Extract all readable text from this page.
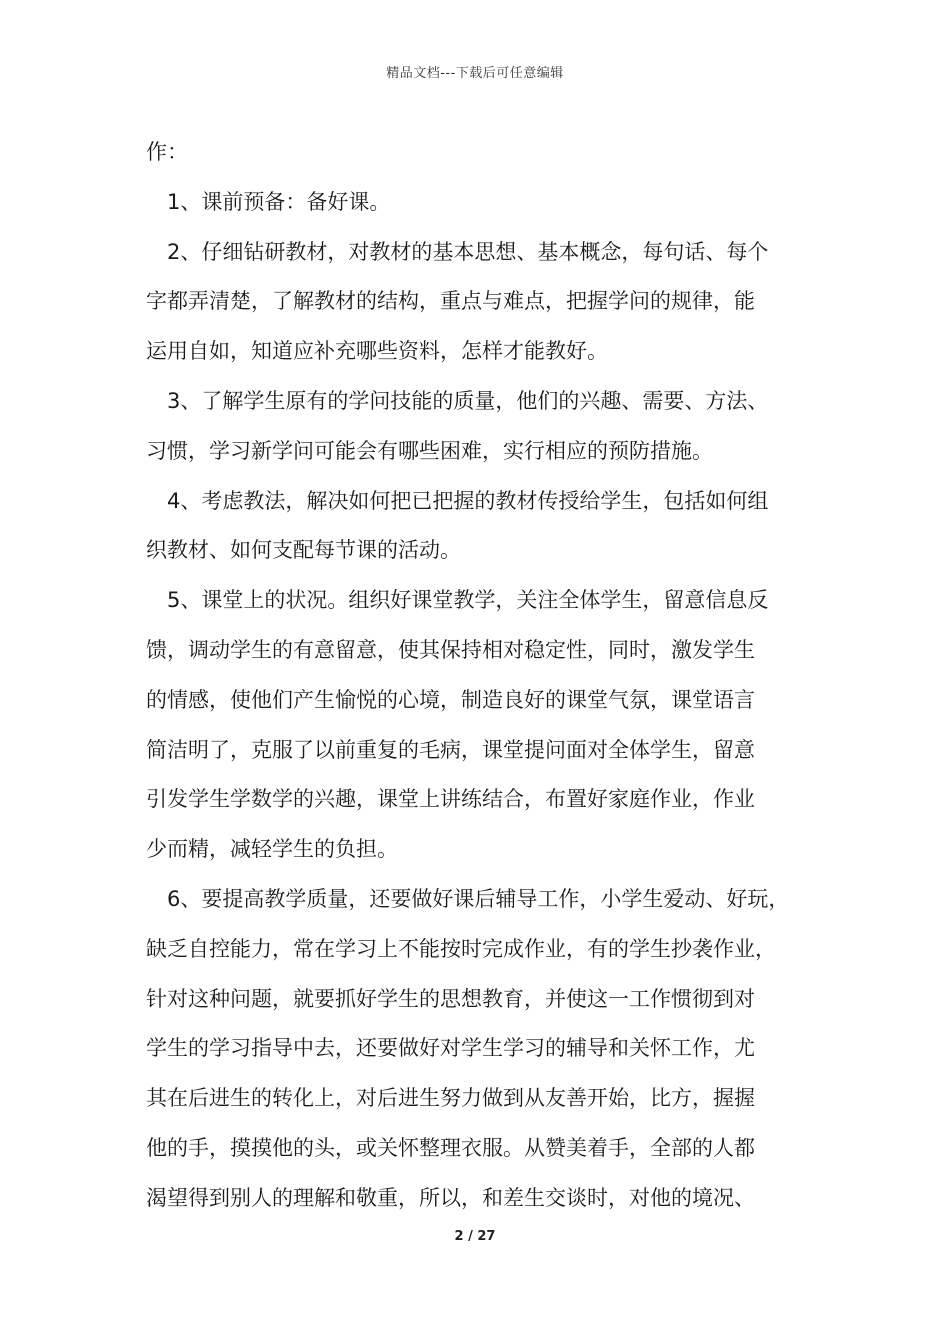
精品文档---下载后可任意编辑
作：
1、课前预备：备好课。
2、仔细钻研教材，对教材的基本思想、基本概念，每句话、每个
字都弄清楚，了解教材的结构，重点与难点，把握学问的规律，能
运用自如，知道应补充哪些资料，怎样才能教好。
3、了解学生原有的学问技能的质量，他们的兴趣、需要、方法、
习惯，学习新学问可能会有哪些困难，实行相应的预防措施。
4、考虑教法，解决如何把已把握的教材传授给学生，包括如何组
织教材、如何支配每节课的活动。
5、课堂上的状况。组织好课堂教学，关注全体学生，留意信息反
馈，调动学生的有意留意，使其保持相对稳定性，同时，激发学生
的情感，使他们产生愉悦的心境，制造良好的课堂气氛，课堂语言
简洁明了，克服了以前重复的毛病，课堂提问面对全体学生，留意
引发学生学数学的兴趣，课堂上讲练结合，布置好家庭作业，作业
少而精，减轻学生的负担。
6、要提高教学质量，还要做好课后辅导工作，小学生爱动、好玩，
缺乏自控能力，常在学习上不能按时完成作业，有的学生抄袭作业，
针对这种问题，就要抓好学生的思想教育，并使这一工作惯彻到对
学生的学习指导中去，还要做好对学生学习的辅导和关怀工作，尤
其在后进生的转化上，对后进生努力做到从友善开始，比方，握握
他的手，摸摸他的头，或关怀整理衣服。从赞美着手，全部的人都
渴望得到别人的理解和敬重，所以，和差生交谈时，对他的境况、
2 / 27
